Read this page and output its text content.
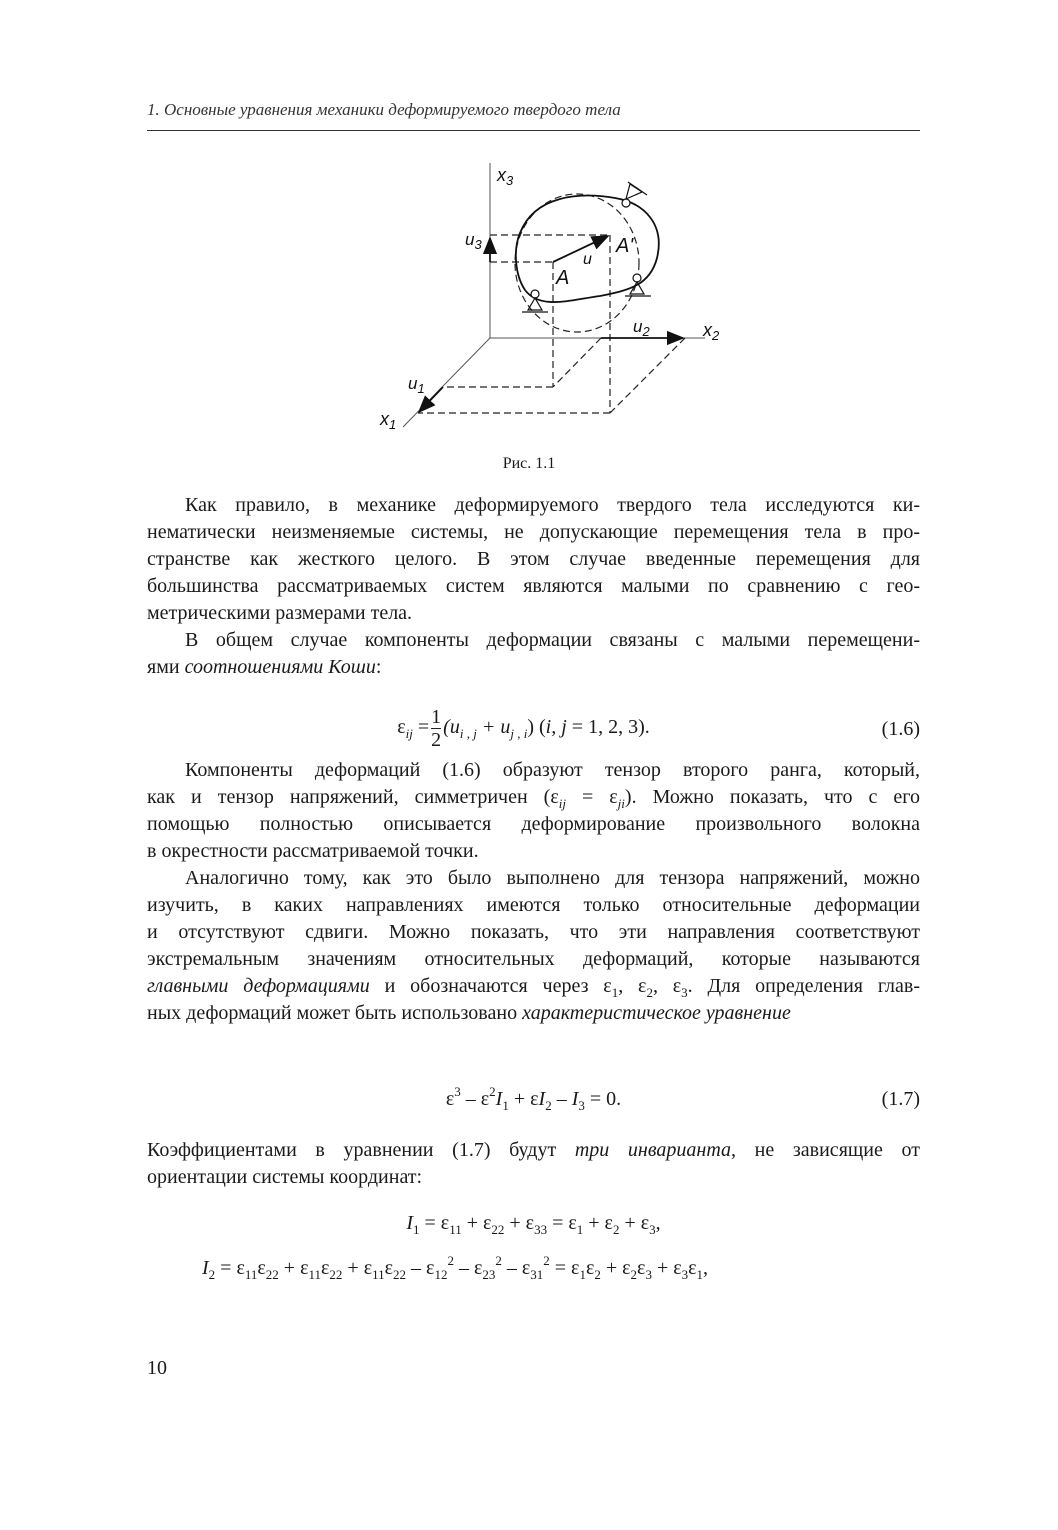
1. Основные уравнения механики деформируемого твердого тела
$x_3$
$u_3$	A'
u
A
$u_2$	$x_2$
$u_1$
$x_1$
Рис. 1.1
Как правило, в механике деформируемого твердого тела исследуются ки-
нематически неизменяемые системы, не допускающие перемещения тела в про-
странстве как жесткого целого. В этом случае введенные перемещения для
большинства рассматриваемых систем являются малыми по сравнению с гео-
метрическими размерами тела.
В общем случае компоненты деформации связаны с малыми перемещени-
ями соотношениями Коши:
$\varepsilon_{ij} = \frac{1}{2} (u_i$ $_,$ $_j + u_j$ $_,$ $_i$) (i, j = 1, 2, 3).	(1.6)
Компоненты деформаций (1.6) образуют тензор второго ранга, который,
как и тензор напряжений, симметричен $(\varepsilon_{ij} = \varepsilon_{ji})$. Можно показать, что с его
помощью полностью описывается деформирование произвольного волокна
в окрестности рассматриваемой точки.
Аналогично тому, как это было выполнено для тензора напряжений, можно
изучить, в каких направлениях имеются только относительные деформации
и отсутствуют сдвиги. Можно показать, что эти направления соответствуют
экстремальным значениям относительных деформаций, которые называются
главными деформациями и обозначаются через $\varepsilon_1$, $\varepsilon_2$, $\varepsilon_3$. Для определения глав-
ных деформаций может быть использовано характеристическое уравнение
$\varepsilon^3 - \varepsilon^2I_1 + \varepsilon I_2 - I_3 = 0$.	(1.7)
Коэффициентами в уравнении (1.7) будут три инварианта, не зависящие от
ориентации системы координат:
$I_1 = \varepsilon_{11} + \varepsilon_{22} + \varepsilon_{33} = \varepsilon_1 + \varepsilon_2 + \varepsilon_3$,
$I_2 = \varepsilon_{11}\varepsilon_{22} + \varepsilon_{11}\varepsilon_{22} + \varepsilon_{11}\varepsilon_{22} - \varepsilon_{12}^2 - \varepsilon_{23}^2 - \varepsilon_{31}^2 = \varepsilon_1\varepsilon_2 + \varepsilon_2\varepsilon_3 + \varepsilon_3\varepsilon_1$,
10
